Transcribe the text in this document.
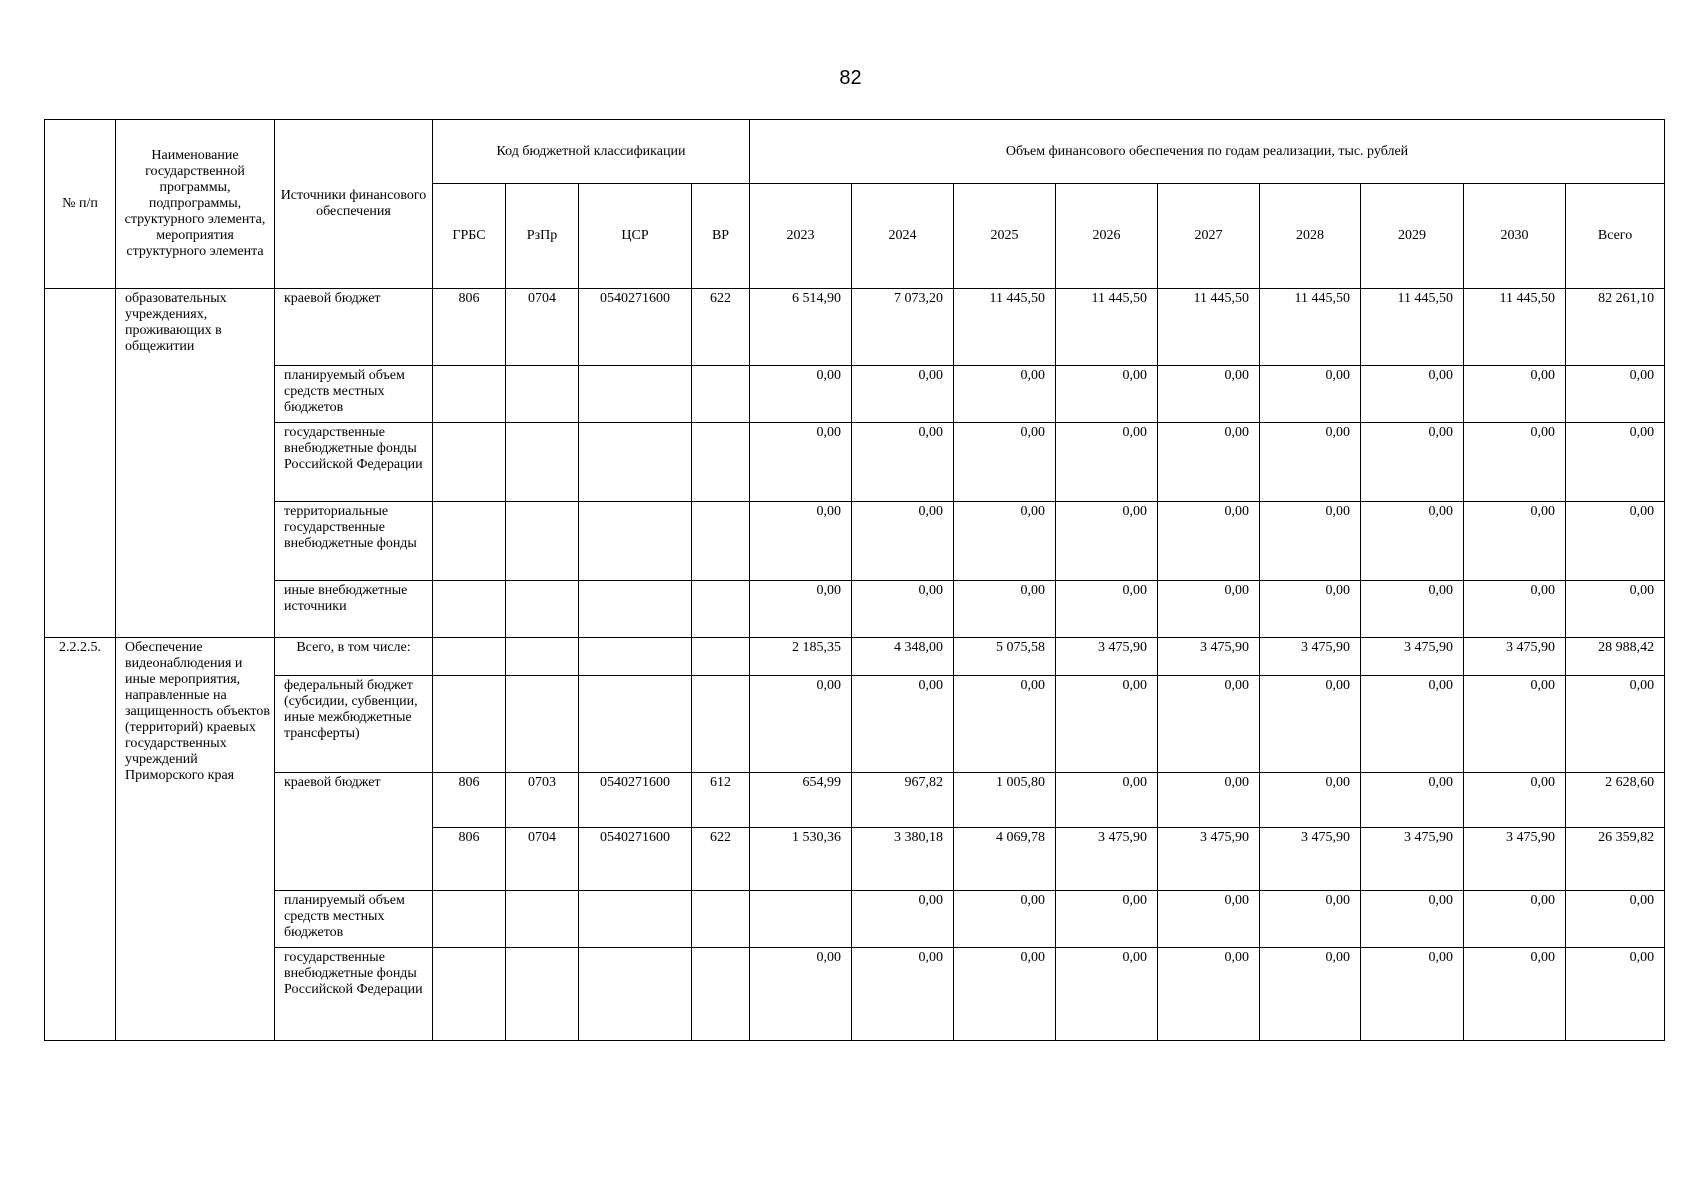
82
№ п/п	Наименование государственной программы, подпрограммы, структурного элемента, мероприятия структурного элемента	Источники финансового обеспечения	Код бюджетной классификации				Объем финансового обеспечения по годам реализации, тыс. рублей								
			ГРБС	РзПр	ЦСР	ВР	2023	2024	2025	2026	2027	2028	2029	2030	Всего
	образовательных учреждениях, проживающих в общежитии	краевой бюджет	806	0704	0540271600	622	6 514,90	7 073,20	11 445,50	11 445,50	11 445,50	11 445,50	11 445,50	11 445,50	82 261,10
		планируемый объем средств местных бюджетов					0,00	0,00	0,00	0,00	0,00	0,00	0,00	0,00	0,00
		государственные внебюджетные фонды Российской Федерации					0,00	0,00	0,00	0,00	0,00	0,00	0,00	0,00	0,00
		территориальные государственные внебюджетные фонды					0,00	0,00	0,00	0,00	0,00	0,00	0,00	0,00	0,00
		иные внебюджетные источники					0,00	0,00	0,00	0,00	0,00	0,00	0,00	0,00	0,00
2.2.2.5.	Обеспечение видеонаблюдения и иные мероприятия, направленные на защищенность объектов (территорий) краевых государственных учреждений Приморского края	Всего, в том числе:					2 185,35	4 348,00	5 075,58	3 475,90	3 475,90	3 475,90	3 475,90	3 475,90	28 988,42
		федеральный бюджет (субсидии, субвенции, иные межбюджетные трансферты)					0,00	0,00	0,00	0,00	0,00	0,00	0,00	0,00	0,00
		краевой бюджет	806	0703	0540271600	612	654,99	967,82	1 005,80	0,00	0,00	0,00	0,00	0,00	2 628,60
			806	0704	0540271600	622	1 530,36	3 380,18	4 069,78	3 475,90	3 475,90	3 475,90	3 475,90	3 475,90	26 359,82
		планируемый объем средств местных бюджетов						0,00	0,00	0,00	0,00	0,00	0,00	0,00	0,00
		государственные внебюджетные фонды Российской Федерации					0,00	0,00	0,00	0,00	0,00	0,00	0,00	0,00	0,00
